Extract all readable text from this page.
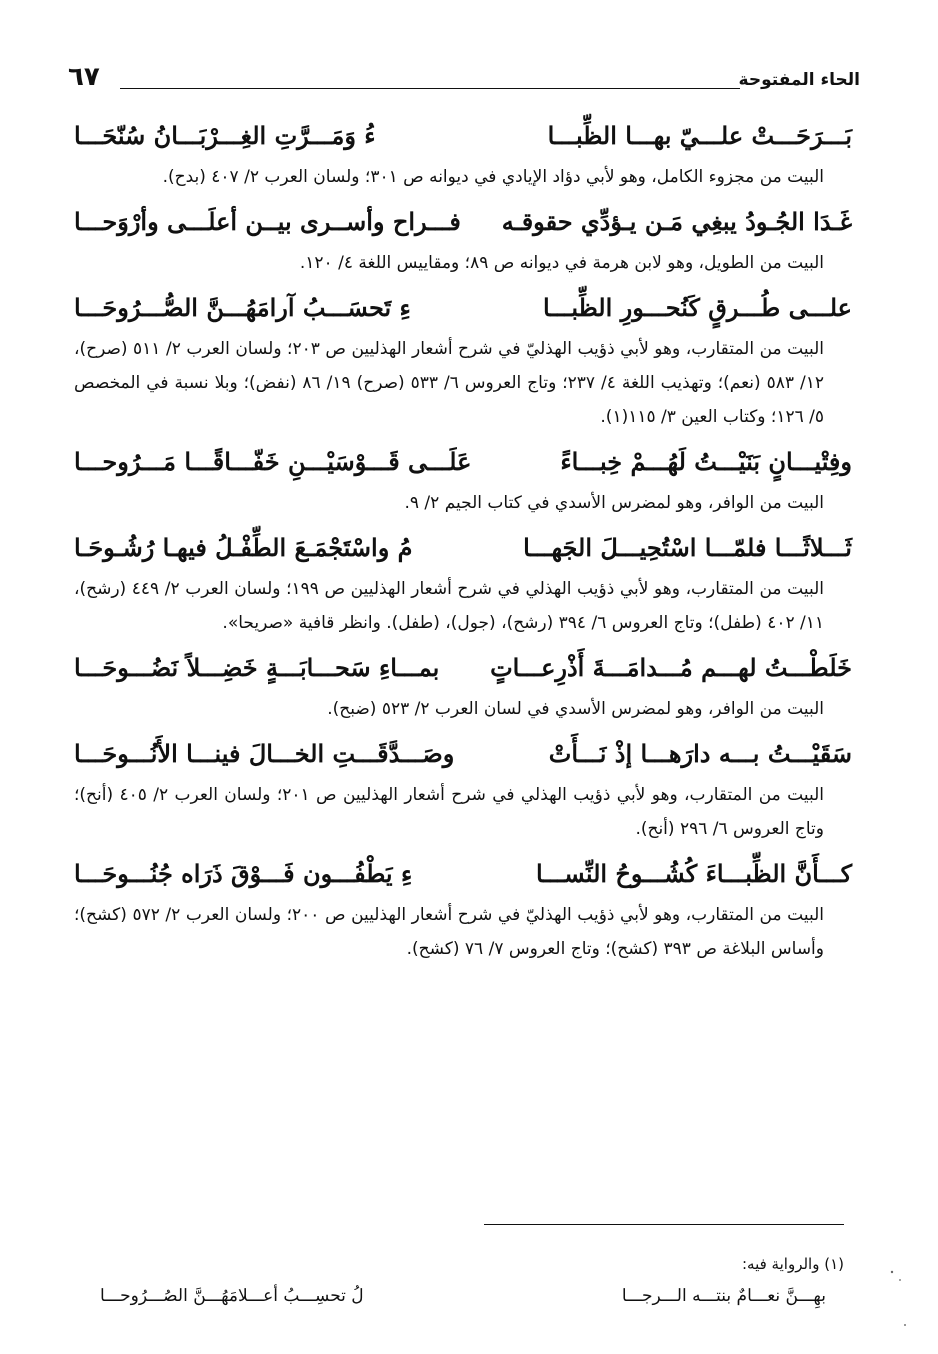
الحاء المفتوحة
٦٧
بَـــرَحَـــتْ علـــيّ بهـــا الظِّبـــا
ءُ وَمَـــرَّتِ الغِـــرْبَـــانُ سُنّحَـــا

البيت من مجزوء الكامل، وهو لأبي دؤاد الإيادي في ديوانه ص ٣٠١؛ ولسان العرب ٢/ ٤٠٧ (بدح).

غَـدَا الجُـودُ يبغِي مَـن يـؤدِّي حقوقـه
فـــراح وأســرى بيــن أعلَـــى وأرْوَحـــا

البيت من الطويل، وهو لابن هرمة في ديوانه ص ٨٩؛ ومقاييس اللغة ٤/ ١٢٠.

علـــى طُـــرقٍ كَنُحـــورِ الظِّبـــا
ءِ تَحسَـــبُ آرامَهُـــنَّ الصُّـــرُوحَـــا

البيت من المتقارب، وهو لأبي ذؤيب الهذليّ في شرح أشعار الهذليين ص ٢٠٣؛ ولسان العرب ٢/ ٥١١ (صرح)، ١٢/ ٥٨٣ (نعم)؛ وتهذيب اللغة ٤/ ٢٣٧؛ وتاج العروس ٦/ ٥٣٣ (صرح) ١٩/ ٨٦ (نفض)؛ وبلا نسبة في المخصص ٥/ ١٢٦؛ وكتاب العين ٣/ ١١٥(١).

وفِتْيـــانٍ بَنَيْـــتُ لَهُـــمْ خِبـــاءً
عَلَـــى قَـــوْسَيْـــنِ خَفّـــاقًـــا مَـــرُوحـــا

البيت من الوافر، وهو لمضرس الأسدي في كتاب الجيم ٢/ ٩.

ثَـــلاثًـــا فلمّـــا اسْتُحِيـــلَ الجَهـــا
مُ واسْتَجْمَـعَ الطِّفْـلُ فيهـا رُشُـوحَـا

البيت من المتقارب، وهو لأبي ذؤيب الهذلي في شرح أشعار الهذليين ص ١٩٩؛ ولسان العرب ٢/ ٤٤٩ (رشح)، ١١/ ٤٠٢ (طفل)؛ وتاج العروس ٦/ ٣٩٤ (رشح)، (جول)، (طفل). وانظر قافية «صريحا».

خَلَطْـــتُ لهـــم مُـــدامَـــةَ أَذْرِعـــاتٍ
بمـــاءِ سَحـــابَـــةٍ خَضِـــلاً نَضُـــوحَـــا

البيت من الوافر، وهو لمضرس الأسدي في لسان العرب ٢/ ٥٢٣ (ضبح).

سَقَيْـــتُ بـــه دارَهـــا إذْ نَـــأَتْ
وصَـــدَّقَـــتِ الخـــالَ فينـــا الأَنُـــوحَـــا

البيت من المتقارب، وهو لأبي ذؤيب الهذلي في شرح أشعار الهذليين ص ٢٠١؛ ولسان العرب ٢/ ٤٠٥ (أنح)؛ وتاج العروس ٦/ ٢٩٦ (أنح).

كـــأَنَّ الظِّبـــاءَ كُشُـــوحُ النِّســـا
ءِ يَطْفُـــون فَـــوْقَ ذَرَاه جُنُـــوحَـــا

البيت من المتقارب، وهو لأبي ذؤيب الهذليّ في شرح أشعار الهذليين ص ٢٠٠؛ ولسان العرب ٢/ ٥٧٢ (كشح)؛ وأساس البلاغة ص ٣٩٣ (كشح)؛ وتاج العروس ٧/ ٧٦ (كشح).

(١) والرواية فيه:
بهِـــنَّ نعـــامٌ بنتـــه الـــرجـــا
لُ تحسِـــبُ أعـــلامَهُـــنَّ الصُـــرُوحـــا
